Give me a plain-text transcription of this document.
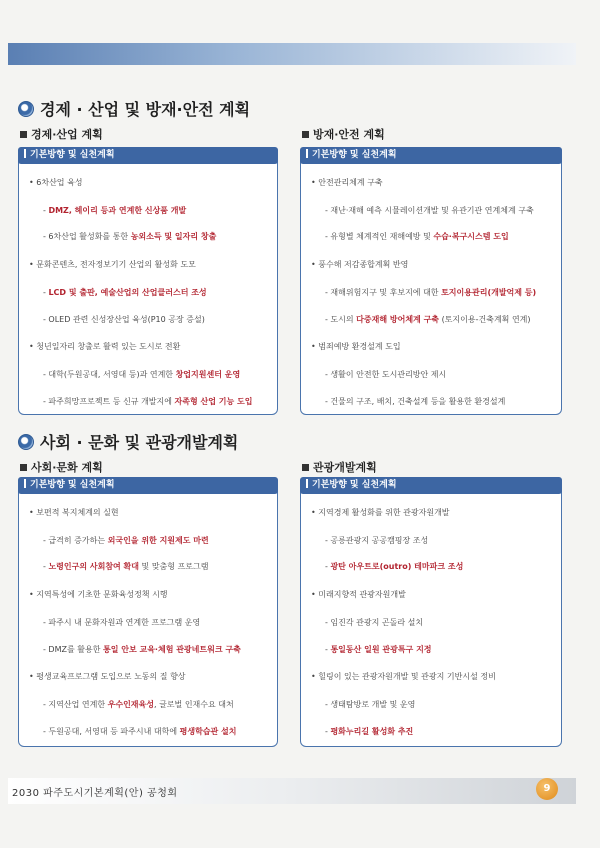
경제 · 산업 및 방재·안전 계획
경제·산업 계획	방재·안전 계획
기본방향 및 실천계획
• 6차산업 육성
- DMZ, 헤이리 등과 연계한 신상품 개발
- 6차산업 활성화를 통한 농외소득 및 일자리 창출
• 문화콘텐츠, 전자정보기기 산업의 활성화 도모
- LCD 및 출판, 예술산업의 산업클러스터 조성
- OLED 관련 신성장산업 육성(P10 공장 증설)
• 청년일자리 창출로 활력 있는 도시로 전환
- 대학(두원공대, 서영대 등)과 연계한 창업지원센터 운영
- 파주희망프로젝트 등 신규 개발지에 자족형 산업 기능 도입
기본방향 및 실천계획
• 안전관리체계 구축
- 재난·재해 예측 시뮬레이션개발 및 유관기관 연계체계 구축
- 유형별 체계적인 재해예방 및 수습·복구시스템 도입
• 풍수해 저감종합계획 반영
- 재해위험지구 및 후보지에 대한 토지이용관리(개발억제 등)
- 도시의 다중재해 방어체계 구축 (토지이용-건축계획 연계)
• 범죄예방 환경설계 도입
- 생활이 안전한 도시관리방안 제시
- 건물의 구조, 배치, 건축설계 등을 활용한 환경설계
사회 · 문화 및 관광개발계획
사회·문화 계획	관광개발계획
기본방향 및 실천계획
• 보편적 복지체계의 실현
- 급격히 증가하는 외국인을 위한 지원제도 마련
- 노령인구의 사회참여 확대 및 맞춤형 프로그램
• 지역특성에 기초한 문화육성정책 시행
- 파주시 내 문화자원과 연계한 프로그램 운영
- DMZ를 활용한 통일 안보 교육·체험 관광네트워크 구축
• 평생교육프로그램 도입으로 노동의 질 향상
- 지역산업 연계한 우수인재육성, 글로벌 인재수요 대처
- 두원공대, 서영대 등 파주시내 대학에 평생학습관 설치
기본방향 및 실천계획
• 지역경제 활성화를 위한 관광자원개발
- 공릉관광지 공공캠핑장 조성
- 광탄 아우트로(outro) 테마파크 조성
• 미래지향적 관광자원개발
- 임진각 관광지 곤돌라 설치
- 통일동산 일원 관광특구 지정
• 힐링이 있는 관광자원개발 및 관광지 기반시설 정비
- 생태탐방로 개발 및 운영
- 평화누리길 활성화 추진
2030 파주도시기본계획(안) 공청회	9
